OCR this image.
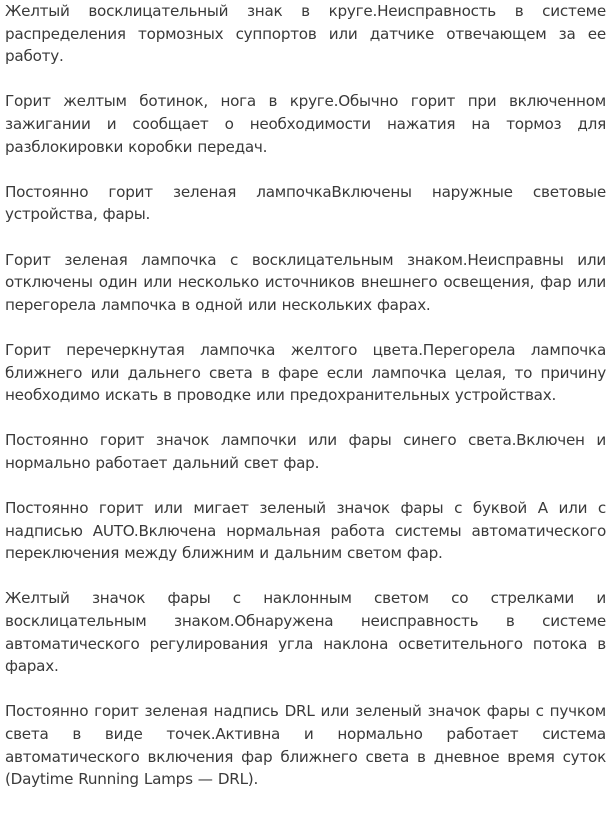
Желтый восклицательный знак в круге.Неисправность в системе распределения тормозных суппортов или датчике отвечающем за ее работу.

Горит желтым ботинок, нога в круге.Обычно горит при включенном зажигании и сообщает о необходимости нажатия на тормоз для разблокировки коробки передач.

Постоянно горит зеленая лампочкаВключены наружные световые устройства, фары.

Горит зеленая лампочка с восклицательным знаком.Неисправны или отключены один или несколько источников внешнего освещения, фар или перегорела лампочка в одной или нескольких фарах.

Горит перечеркнутая лампочка желтого цвета.Перегорела лампочка ближнего или дальнего света в фаре если лампочка целая, то причину необходимо искать в проводке или предохранительных устройствах.

Постоянно горит значок лампочки или фары синего света.Включен и нормально работает дальний свет фар.

Постоянно горит или мигает зеленый значок фары с буквой А или с надписью AUTO.Включена нормальная работа системы автоматического переключения между ближним и дальним светом фар.

Желтый значок фары с наклонным светом со стрелками и восклицательным знаком.Обнаружена неисправность в системе автоматического регулирования угла наклона осветительного потока в фарах.

Постоянно горит зеленая надпись DRL или зеленый значок фары с пучком света в виде точек.Активна и нормально работает система автоматического включения фар ближнего света в дневное время суток (Daytime Running Lamps — DRL).
